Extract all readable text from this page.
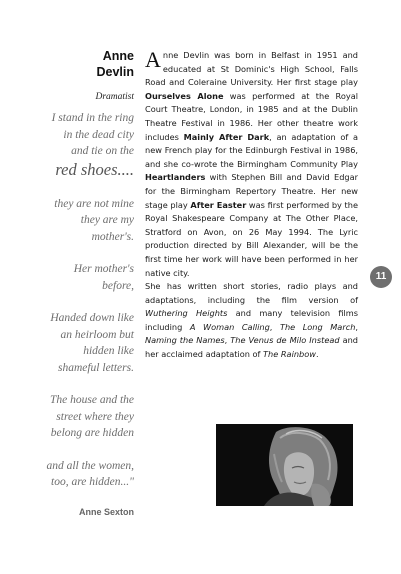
Anne
Devlin
Dramatist
I stand in the ring
in the dead city
and tie on the
red shoes....
they are not mine
they are my
mother's.
Her mother's
before,
Handed down like
an heirloom but
hidden like
shameful letters.
The house and the
street where they
belong are hidden
and all the women,
too, are hidden..."
Anne Sexton

Anne Devlin was born in Belfast in 1951 and educated at St Dominic's High School, Falls Road and Coleraine University. Her first stage play Ourselves Alone was performed at the Royal Court Theatre, London, in 1985 and at the Dublin Theatre Festival in 1986. Her other theatre work includes Mainly After Dark, an adaptation of a new French play for the Edinburgh Festival in 1986, and she co-wrote the Birmingham Community Play Heartlanders with Stephen Bill and David Edgar for the Birmingham Repertory Theatre. Her new stage play After Easter was first performed by the Royal Shakespeare Company at The Other Place, Stratford on Avon, on 26 May 1994. The Lyric production directed by Bill Alexander, will be the first time her work will have been performed in her native city.

She has written short stories, radio plays and adaptations, including the film version of Wuthering Heights and many television films including A Woman Calling, The Long March, Naming the Names, The Venus de Milo Instead and her acclaimed adaptation of The Rainbow.

11
